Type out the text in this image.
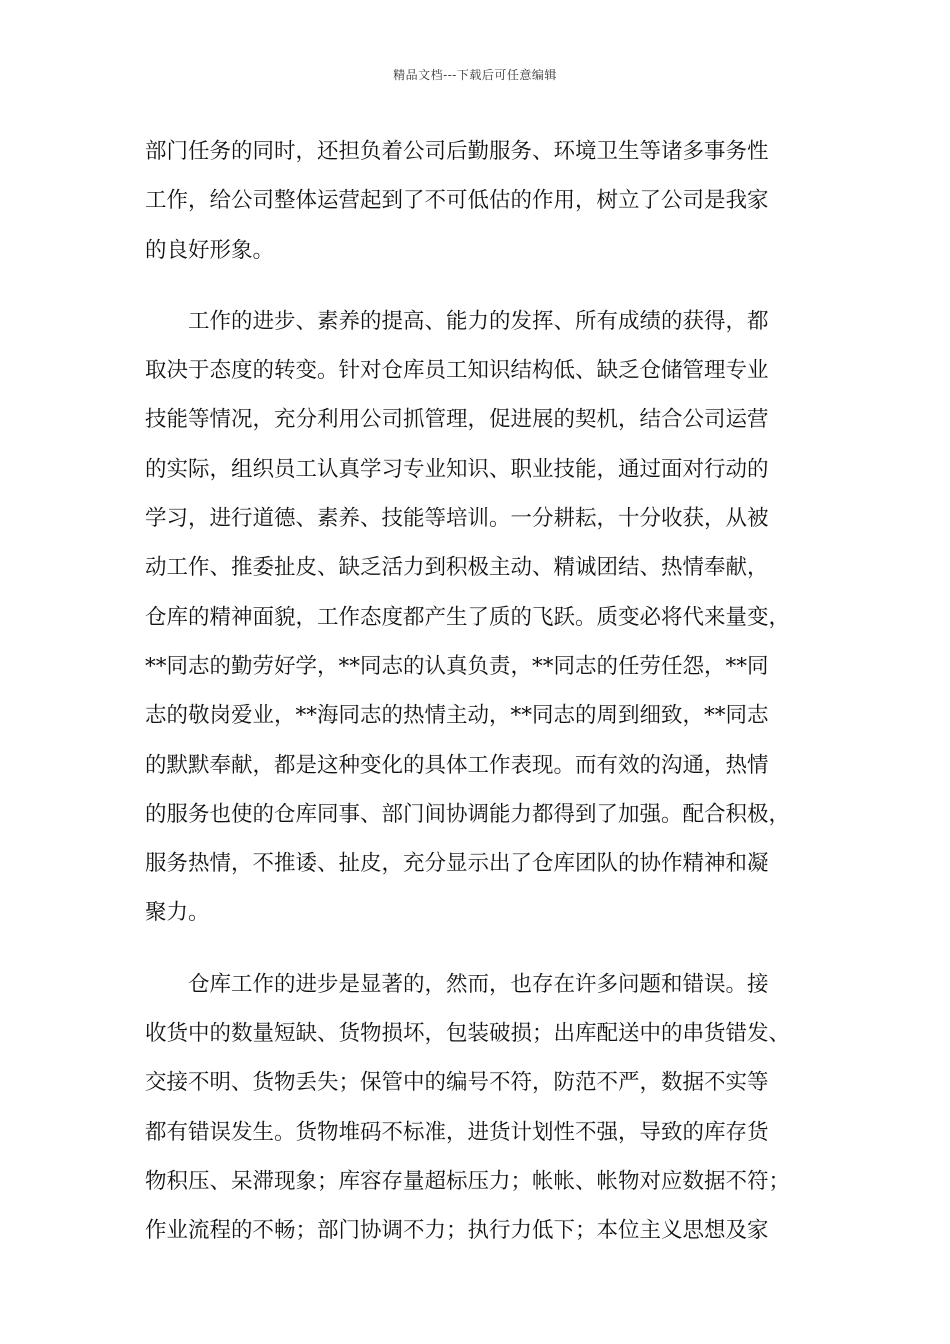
精品文档---下载后可任意编辑
部门任务的同时，还担负着公司后勤服务、环境卫生等诸多事务性
工作，给公司整体运营起到了不可低估的作用，树立了公司是我家
的良好形象。
工作的进步、素养的提高、能力的发挥、所有成绩的获得，都
取决于态度的转变。针对仓库员工知识结构低、缺乏仓储管理专业
技能等情况，充分利用公司抓管理，促进展的契机，结合公司运营
的实际，组织员工认真学习专业知识、职业技能，通过面对行动的
学习，进行道德、素养、技能等培训。一分耕耘，十分收获，从被
动工作、推委扯皮、缺乏活力到积极主动、精诚团结、热情奉献，
仓库的精神面貌，工作态度都产生了质的飞跃。质变必将代来量变，
**同志的勤劳好学，**同志的认真负责，**同志的任劳任怨，**同
志的敬岗爱业，**海同志的热情主动，**同志的周到细致，**同志
的默默奉献，都是这种变化的具体工作表现。而有效的沟通，热情
的服务也使的仓库同事、部门间协调能力都得到了加强。配合积极，
服务热情，不推诿、扯皮，充分显示出了仓库团队的协作精神和凝
聚力。
仓库工作的进步是显著的，然而，也存在许多问题和错误。接
收货中的数量短缺、货物损坏，包装破损；出库配送中的串货错发、
交接不明、货物丢失；保管中的编号不符，防范不严，数据不实等
都有错误发生。货物堆码不标准，进货计划性不强，导致的库存货
物积压、呆滞现象；库容存量超标压力；帐帐、帐物对应数据不符；
作业流程的不畅；部门协调不力；执行力低下；本位主义思想及家
